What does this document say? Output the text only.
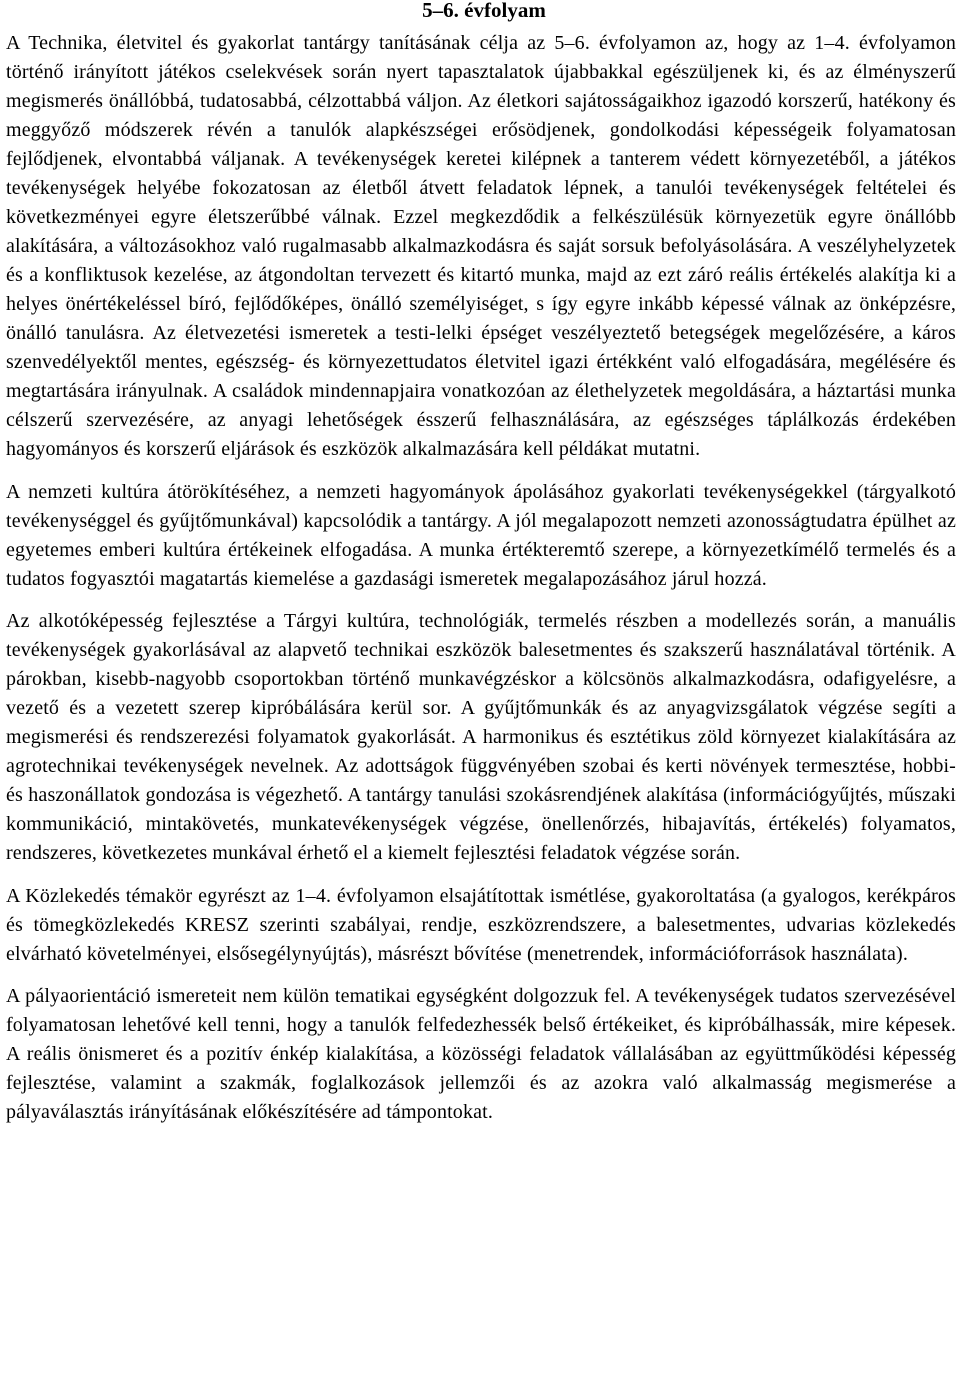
5–6. évfolyam

A Technika, életvitel és gyakorlat tantárgy tanításának célja az 5–6. évfolyamon az, hogy az 1–4. évfolyamon történő irányított játékos cselekvések során nyert tapasztalatok újabbakkal egészüljenek ki, és az élményszerű megismerés önállóbbá, tudatosabbá, célzottabbá váljon. Az életkori sajátosságaikhoz igazodó korszerű, hatékony és meggyőző módszerek révén a tanulók alapkészségei erősödjenek, gondolkodási képességeik folyamatosan fejlődjenek, elvontabbá váljanak. A tevékenységek keretei kilépnek a tanterem védett környezetéből, a játékos tevékenységek helyébe fokozatosan az életből átvett feladatok lépnek, a tanulói tevékenységek feltételei és következményei egyre életszerűbbé válnak. Ezzel megkezdődik a felkészülésük környezetük egyre önállóbb alakítására, a változásokhoz való rugalmasabb alkalmazkodásra és saját sorsuk befolyásolására. A veszélyhelyzetek és a konfliktusok kezelése, az átgondoltan tervezett és kitartó munka, majd az ezt záró reális értékelés alakítja ki a helyes önértékeléssel bíró, fejlődőképes, önálló személyiséget, s így egyre inkább képessé válnak az önképzésre, önálló tanulásra. Az életvezetési ismeretek a testi-lelki épséget veszélyeztető betegségek megelőzésére, a káros szenvedélyektől mentes, egészség- és környezettudatos életvitel igazi értékként való elfogadására, megélésére és megtartására irányulnak. A családok mindennapjaira vonatkozóan az élethelyzetek megoldására, a háztartási munka célszerű szervezésére, az anyagi lehetőségek ésszerű felhasználására, az egészséges táplálkozás érdekében hagyományos és korszerű eljárások és eszközök alkalmazására kell példákat mutatni.

A nemzeti kultúra átörökítéséhez, a nemzeti hagyományok ápolásához gyakorlati tevékenységekkel (tárgyalkotó tevékenységgel és gyűjtőmunkával) kapcsolódik a tantárgy. A jól megalapozott nemzeti azonosságtudatra épülhet az egyetemes emberi kultúra értékeinek elfogadása. A munka értékteremtő szerepe, a környezetkímélő termelés és a tudatos fogyasztói magatartás kiemelése a gazdasági ismeretek megalapozásához járul hozzá.

Az alkotóképesség fejlesztése a Tárgyi kultúra, technológiák, termelés részben a modellezés során, a manuális tevékenységek gyakorlásával az alapvető technikai eszközök balesetmentes és szakszerű használatával történik. A párokban, kisebb-nagyobb csoportokban történő munkavégzéskor a kölcsönös alkalmazkodásra, odafigyelésre, a vezető és a vezetett szerep kipróbálására kerül sor. A gyűjtőmunkák és az anyagvizsgálatok végzése segíti a megismerési és rendszerezési folyamatok gyakorlását. A harmonikus és esztétikus zöld környezet kialakítására az agrotechnikai tevékenységek nevelnek. Az adottságok függvényében szobai és kerti növények termesztése, hobbi- és haszonállatok gondozása is végezhető. A tantárgy tanulási szokásrendjének alakítása (információgyűjtés, műszaki kommunikáció, mintakövetés, munkatevékenységek végzése, önellenőrzés, hibajavítás, értékelés) folyamatos, rendszeres, következetes munkával érhető el a kiemelt fejlesztési feladatok végzése során.

A Közlekedés témakör egyrészt az 1–4. évfolyamon elsajátítottak ismétlése, gyakoroltatása (a gyalogos, kerékpáros és tömegközlekedés KRESZ szerinti szabályai, rendje, eszközrendszere, a balesetmentes, udvarias közlekedés elvárható követelményei, elsősegélynyújtás), másrészt bővítése (menetrendek, információforrások használata).

A pályaorientáció ismereteit nem külön tematikai egységként dolgozzuk fel. A tevékenységek tudatos szervezésével folyamatosan lehetővé kell tenni, hogy a tanulók felfedezhessék belső értékeiket, és kipróbálhassák, mire képesek. A reális önismeret és a pozitív énkép kialakítása, a közösségi feladatok vállalásában az együttműködési képesség fejlesztése, valamint a szakmák, foglalkozások jellemzői és az azokra való alkalmasság megismerése a pályaválasztás irányításának előkészítésére ad támpontokat.
